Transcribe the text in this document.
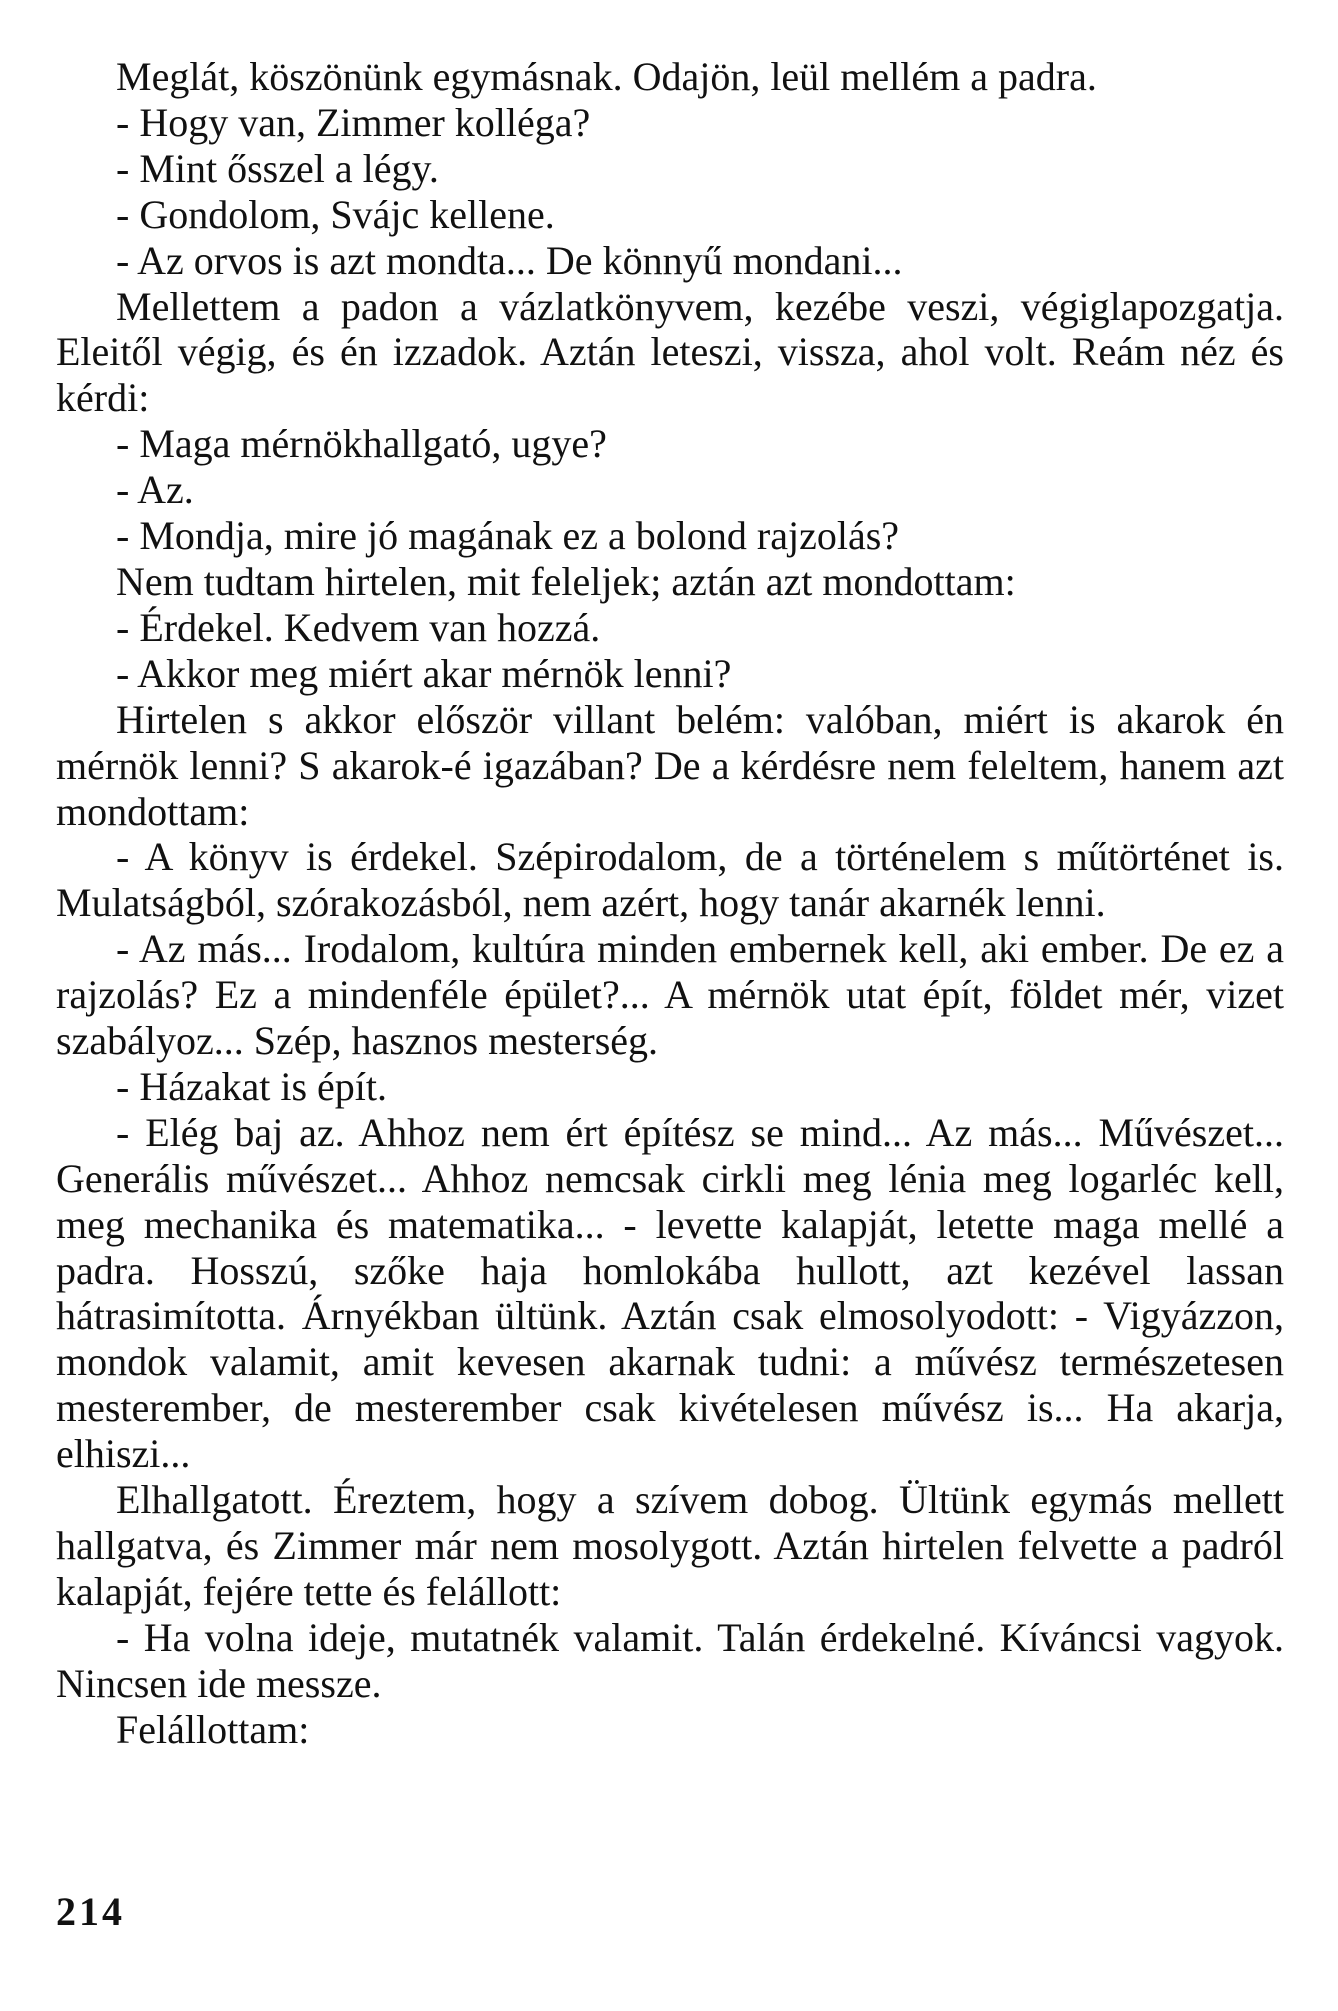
Meglát, köszönünk egymásnak. Odajön, leül mellém a padra.

- Hogy van, Zimmer kolléga?

- Mint ősszel a légy.

- Gondolom, Svájc kellene.

- Az orvos is azt mondta... De könnyű mondani...

Mellettem a padon a vázlatkönyvem, kezébe veszi, végiglapozgatja. Eleitől végig, és én izzadok. Aztán leteszi, vissza, ahol volt. Reám néz és kérdi:

- Maga mérnökhallgató, ugye?

- Az.

- Mondja, mire jó magának ez a bolond rajzolás?

Nem tudtam hirtelen, mit feleljek; aztán azt mondottam:

- Érdekel. Kedvem van hozzá.

- Akkor meg miért akar mérnök lenni?

Hirtelen s akkor először villant belém: valóban, miért is akarok én mérnök lenni? S akarok-é igazában? De a kérdésre nem feleltem, hanem azt mondottam:

- A könyv is érdekel. Szépirodalom, de a történelem s műtörténet is. Mulatságból, szórakozásból, nem azért, hogy tanár akarnék lenni.

- Az más... Irodalom, kultúra minden embernek kell, aki ember. De ez a rajzolás? Ez a mindenféle épület?... A mérnök utat épít, földet mér, vizet szabályoz... Szép, hasznos mesterség.

- Házakat is épít.

- Elég baj az. Ahhoz nem ért építész se mind... Az más... Művészet... Generális művészet... Ahhoz nemcsak cirkli meg lénia meg logarléc kell, meg mechanika és matematika... - levette kalapját, letette maga mellé a padra. Hosszú, szőke haja homlokába hullott, azt kezével lassan hátrasimította. Árnyékban ültünk. Aztán csak elmosolyodott: - Vigyázzon, mondok valamit, amit kevesen akarnak tudni: a művész természetesen mesterember, de mesterember csak kivételesen művész is... Ha akarja, elhiszi...

Elhallgatott. Éreztem, hogy a szívem dobog. Ültünk egymás mellett hallgatva, és Zimmer már nem mosolygott. Aztán hirtelen felvette a padról kalapját, fejére tette és felállott:

- Ha volna ideje, mutatnék valamit. Talán érdekelné. Kíváncsi vagyok. Nincsen ide messze.

Felállottam:

214
